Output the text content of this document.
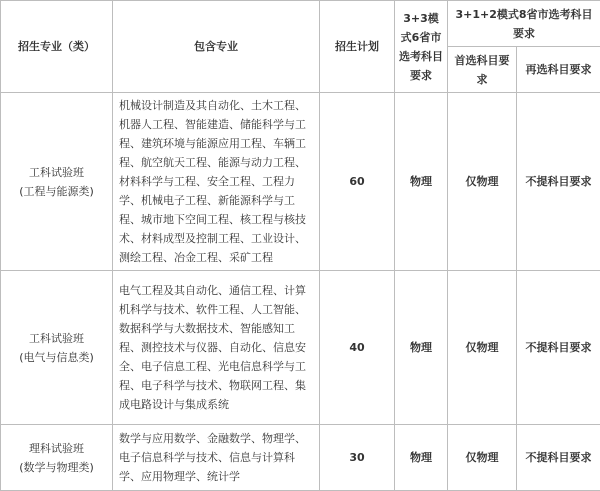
招生专业（类）	包含专业	招生计划	3+3模式6省市选考科目要求	3+1+2模式8省市选考科目要求	
				首选科目要求	再选科目要求

工科试验班
(工程与能源类)	机械设计制造及其自动化、土木工程、机器人工程、智能建造、储能科学与工程、建筑环境与能源应用工程、车辆工程、航空航天工程、能源与动力工程、材料科学与工程、安全工程、工程力学、机械电子工程、新能源科学与工程、城市地下空间工程、核工程与核技术、材料成型及控制工程、工业设计、测绘工程、冶金工程、采矿工程	60	物理	仅物理	不提科目要求

工科试验班
(电气与信息类)	电气工程及其自动化、通信工程、计算机科学与技术、软件工程、人工智能、数据科学与大数据技术、智能感知工程、测控技术与仪器、自动化、信息安全、电子信息工程、光电信息科学与工程、电子科学与技术、物联网工程、集成电路设计与集成系统	40	物理	仅物理	不提科目要求

理科试验班
(数学与物理类)	数学与应用数学、金融数学、物理学、电子信息科学与技术、信息与计算科学、应用物理学、统计学	30	物理	仅物理	不提科目要求
